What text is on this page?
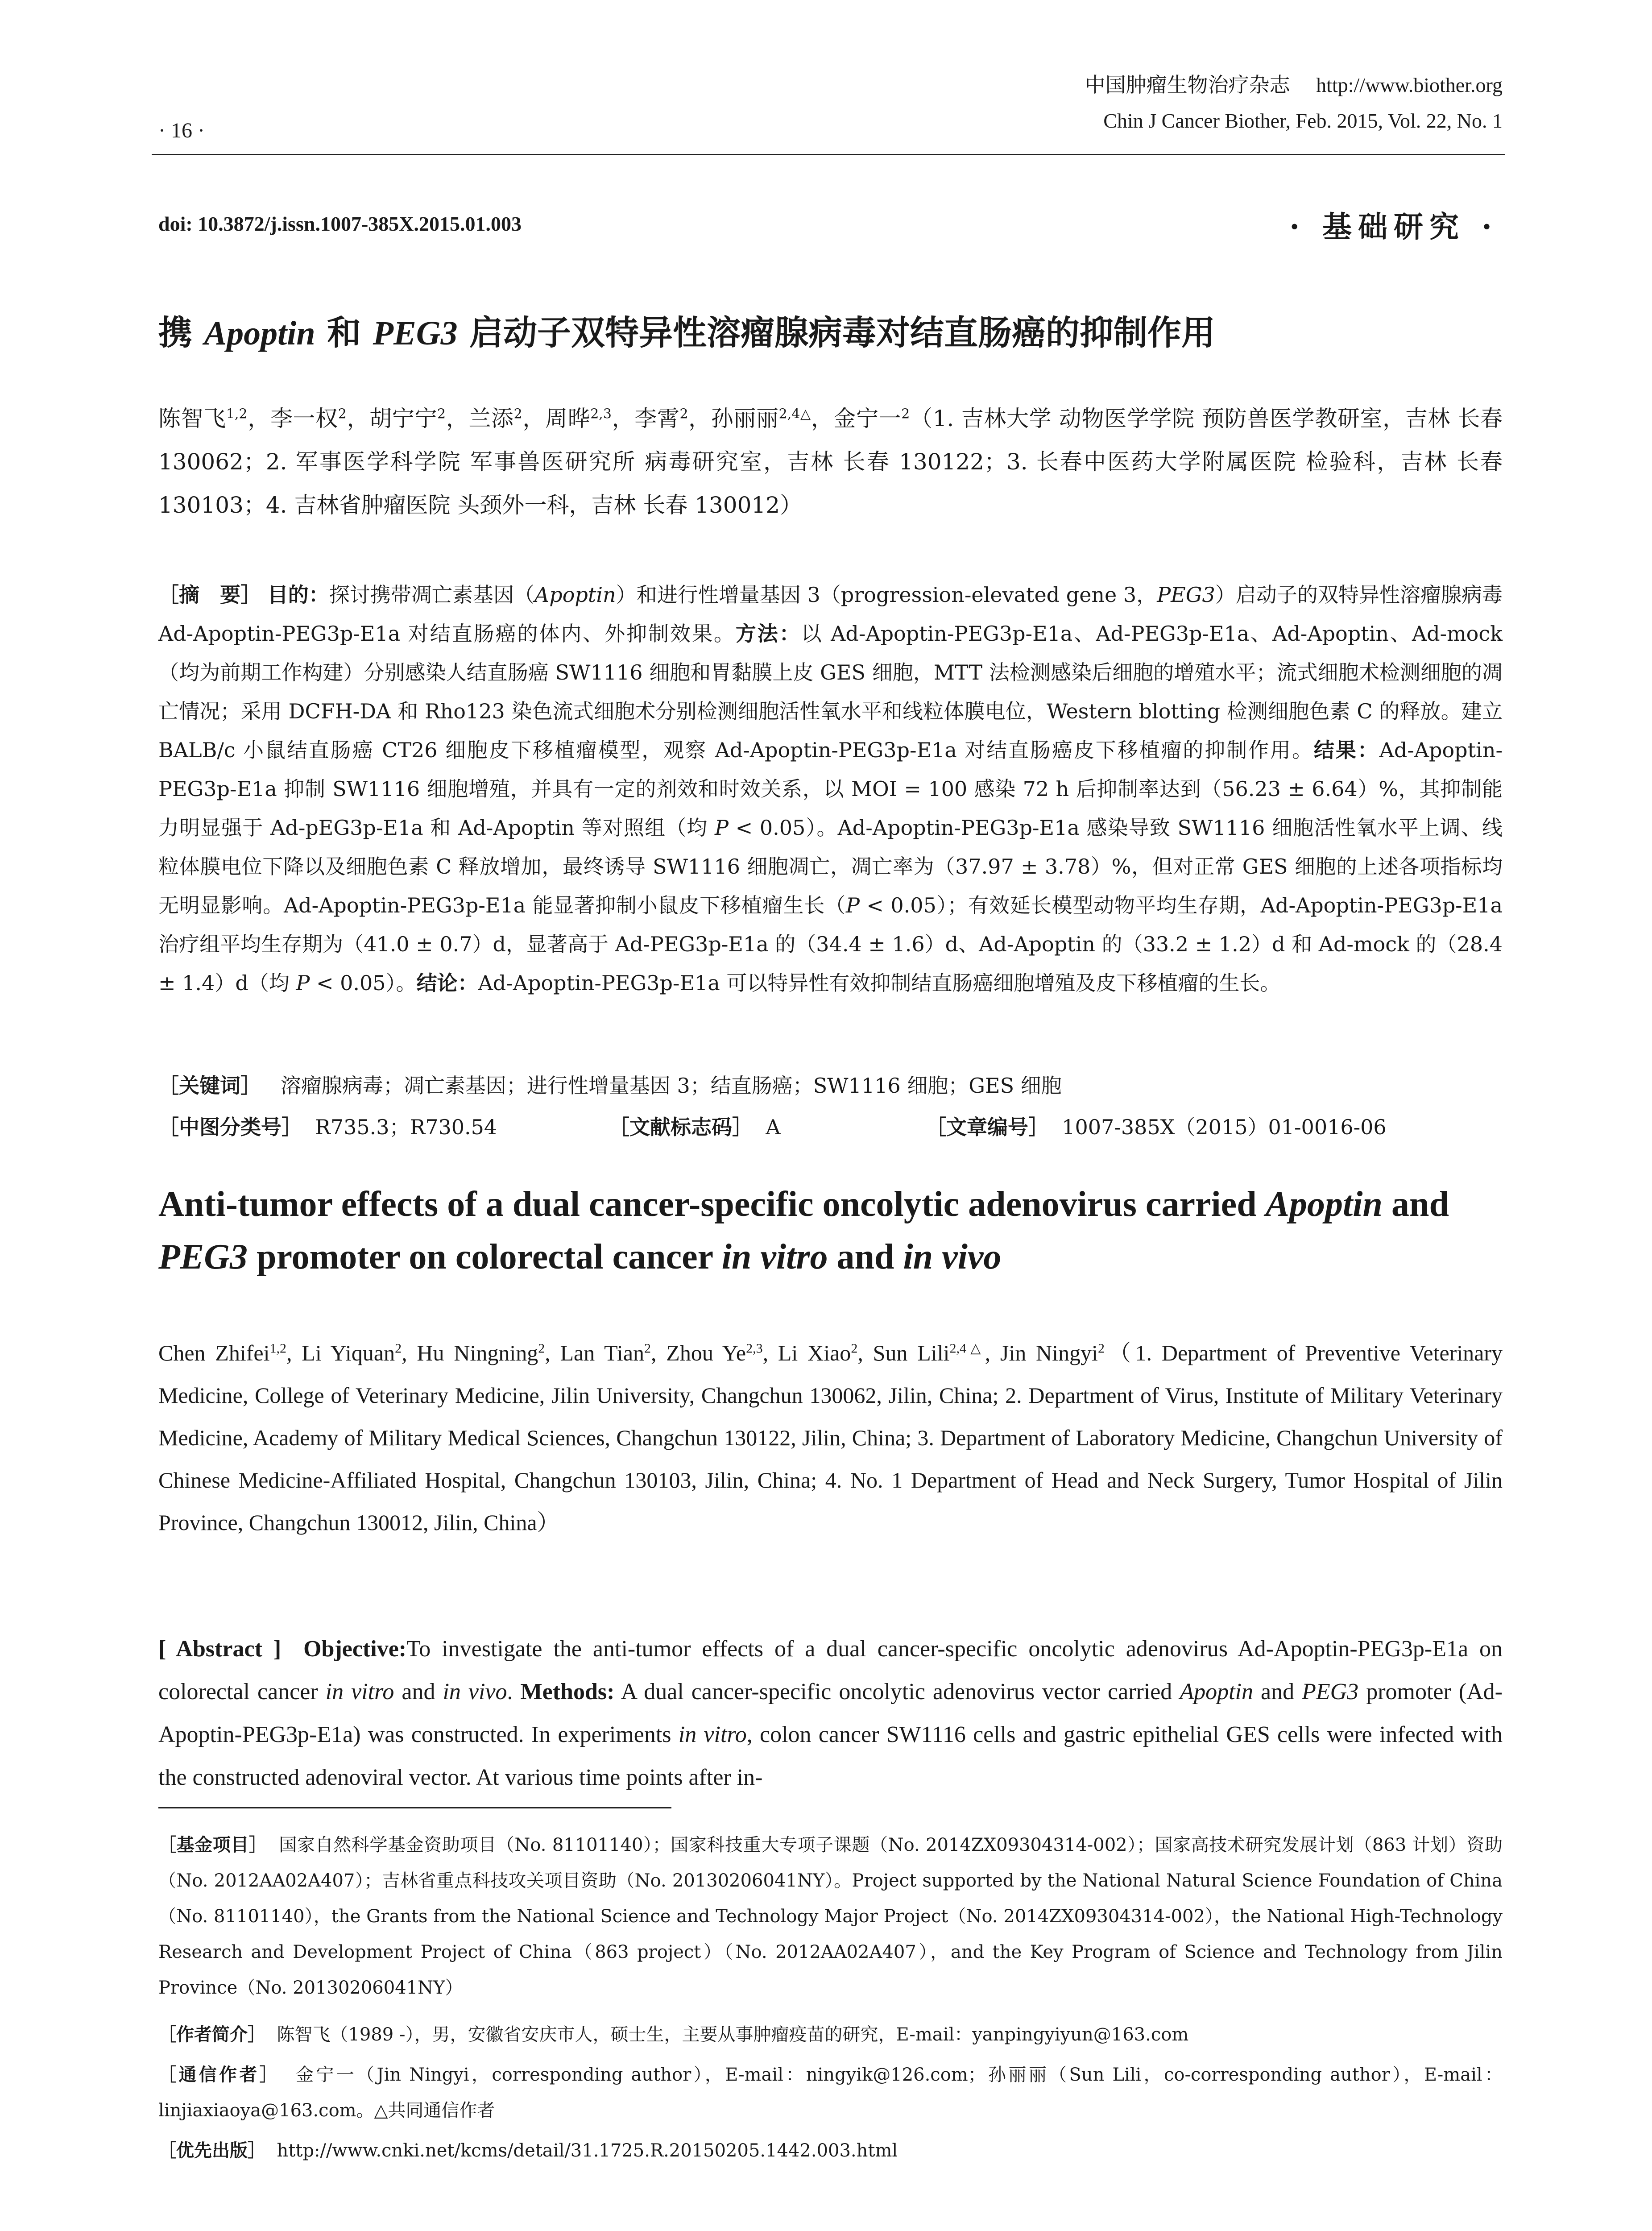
中国肿瘤生物治疗杂志 http://www.biother.org
Chin J Cancer Biother, Feb. 2015, Vol. 22, No. 1
· 16 ·
doi: 10.3872/j.issn.1007-385X.2015.01.003	· 基础研究 ·
携 Apoptin 和 PEG3 启动子双特异性溶瘤腺病毒对结直肠癌的抑制作用
陈智飞$^{1,2}$，李一权$^2$，胡宁宁$^2$，兰添$^2$，周晔$^{2,3}$，李霄$^2$，孙丽丽$^{2,4\triangle}$，金宁一$^2$（1. 吉林大学 动物医学学院 预防兽医学教研室，吉林 长春 130062；2. 军事医学科学院 军事兽医研究所 病毒研究室，吉林 长春 130122；3. 长春中医药大学附属医院 检验科，吉林 长春 130103；4. 吉林省肿瘤医院 头颈外一科，吉林 长春 130012）
［摘　要］ 目的：探讨携带凋亡素基因（Apoptin）和进行性增量基因 3（progression-elevated gene 3，PEG3）启动子的双特异性溶瘤腺病毒 Ad-Apoptin-PEG3p-E1a 对结直肠癌的体内、外抑制效果。方法：以 Ad-Apoptin-PEG3p-E1a、Ad-PEG3p-E1a、Ad-Apoptin、Ad-mock（均为前期工作构建）分别感染人结直肠癌 SW1116 细胞和胃黏膜上皮 GES 细胞，MTT 法检测感染后细胞的增殖水平；流式细胞术检测细胞的凋亡情况；采用 DCFH-DA 和 Rho123 染色流式细胞术分别检测细胞活性氧水平和线粒体膜电位，Western blotting 检测细胞色素 C 的释放。建立 BALB/c 小鼠结直肠癌 CT26 细胞皮下移植瘤模型，观察 Ad-Apoptin-PEG3p-E1a 对结直肠癌皮下移植瘤的抑制作用。结果：Ad-Apoptin-PEG3p-E1a 抑制 SW1116 细胞增殖，并具有一定的剂效和时效关系，以 MOI = 100 感染 72 h 后抑制率达到（56.23 ± 6.64）%，其抑制能力明显强于 Ad-pEG3p-E1a 和 Ad-Apoptin 等对照组（均 P < 0.05）。Ad-Apoptin-PEG3p-E1a 感染导致 SW1116 细胞活性氧水平上调、线粒体膜电位下降以及细胞色素 C 释放增加，最终诱导 SW1116 细胞凋亡，凋亡率为（37.97 ± 3.78）%，但对正常 GES 细胞的上述各项指标均无明显影响。Ad-Apoptin-PEG3p-E1a 能显著抑制小鼠皮下移植瘤生长（P < 0.05）；有效延长模型动物平均生存期，Ad-Apoptin-PEG3p-E1a 治疗组平均生存期为（41.0 ± 0.7）d，显著高于 Ad-PEG3p-E1a 的（34.4 ± 1.6）d、Ad-Apoptin 的（33.2 ± 1.2）d 和 Ad-mock 的（28.4 ± 1.4）d（均 P < 0.05）。结论：Ad-Apoptin-PEG3p-E1a 可以特异性有效抑制结直肠癌细胞增殖及皮下移植瘤的生长。
［关键词］ 溶瘤腺病毒；凋亡素基因；进行性增量基因 3；结直肠癌；SW1116 细胞；GES 细胞
［中图分类号］ R735.3；R730.54	［文献标志码］ A	［文章编号］ 1007-385X（2015）01-0016-06
Anti-tumor effects of a dual cancer-specific oncolytic adenovirus carried Apoptin and PEG3 promoter on colorectal cancer in vitro and in vivo
Chen Zhifei$^{1,2}$, Li Yiquan$^2$, Hu Ningning$^2$, Lan Tian$^2$, Zhou Ye$^{2,3}$, Li Xiao$^2$, Sun Lili$^{2,4\triangle}$, Jin Ningyi$^2$（1. Department of Preventive Veterinary Medicine, College of Veterinary Medicine, Jilin University, Changchun 130062, Jilin, China; 2. Department of Virus, Institute of Military Veterinary Medicine, Academy of Military Medical Sciences, Changchun 130122, Jilin, China; 3. Department of Laboratory Medicine, Changchun University of Chinese Medicine-Affiliated Hospital, Changchun 130103, Jilin, China; 4. No. 1 Department of Head and Neck Surgery, Tumor Hospital of Jilin Province, Changchun 130012, Jilin, China）
[ Abstract ] Objective:To investigate the anti-tumor effects of a dual cancer-specific oncolytic adenovirus Ad-Apoptin-PEG3p-E1a on colorectal cancer in vitro and in vivo. Methods: A dual cancer-specific oncolytic adenovirus vector carried Apoptin and PEG3 promoter (Ad-Apoptin-PEG3p-E1a) was constructed. In experiments in vitro, colon cancer SW1116 cells and gastric epithelial GES cells were infected with the constructed adenoviral vector. At various time points after in-
［基金项目］ 国家自然科学基金资助项目（No. 81101140）；国家科技重大专项子课题（No. 2014ZX09304314-002）；国家高技术研究发展计划（863 计划）资助（No. 2012AA02A407）；吉林省重点科技攻关项目资助（No. 20130206041NY）。Project supported by the National Natural Science Foundation of China（No. 81101140），the Grants from the National Science and Technology Major Project（No. 2014ZX09304314-002），the National High-Technology Research and Development Project of China（863 project）（No. 2012AA02A407），and the Key Program of Science and Technology from Jilin Province（No. 20130206041NY）
［作者简介］ 陈智飞（1989 -），男，安徽省安庆市人，硕士生，主要从事肿瘤疫苗的研究，E-mail：yanpingyiyun@163.com
［通信作者］ 金宁一（Jin Ningyi，corresponding author），E-mail：ningyik@126.com；孙丽丽（Sun Lili，co-corresponding author），E-mail：linjiaxiaoya@163.com。△共同通信作者
［优先出版］ http://www.cnki.net/kcms/detail/31.1725.R.20150205.1442.003.html
